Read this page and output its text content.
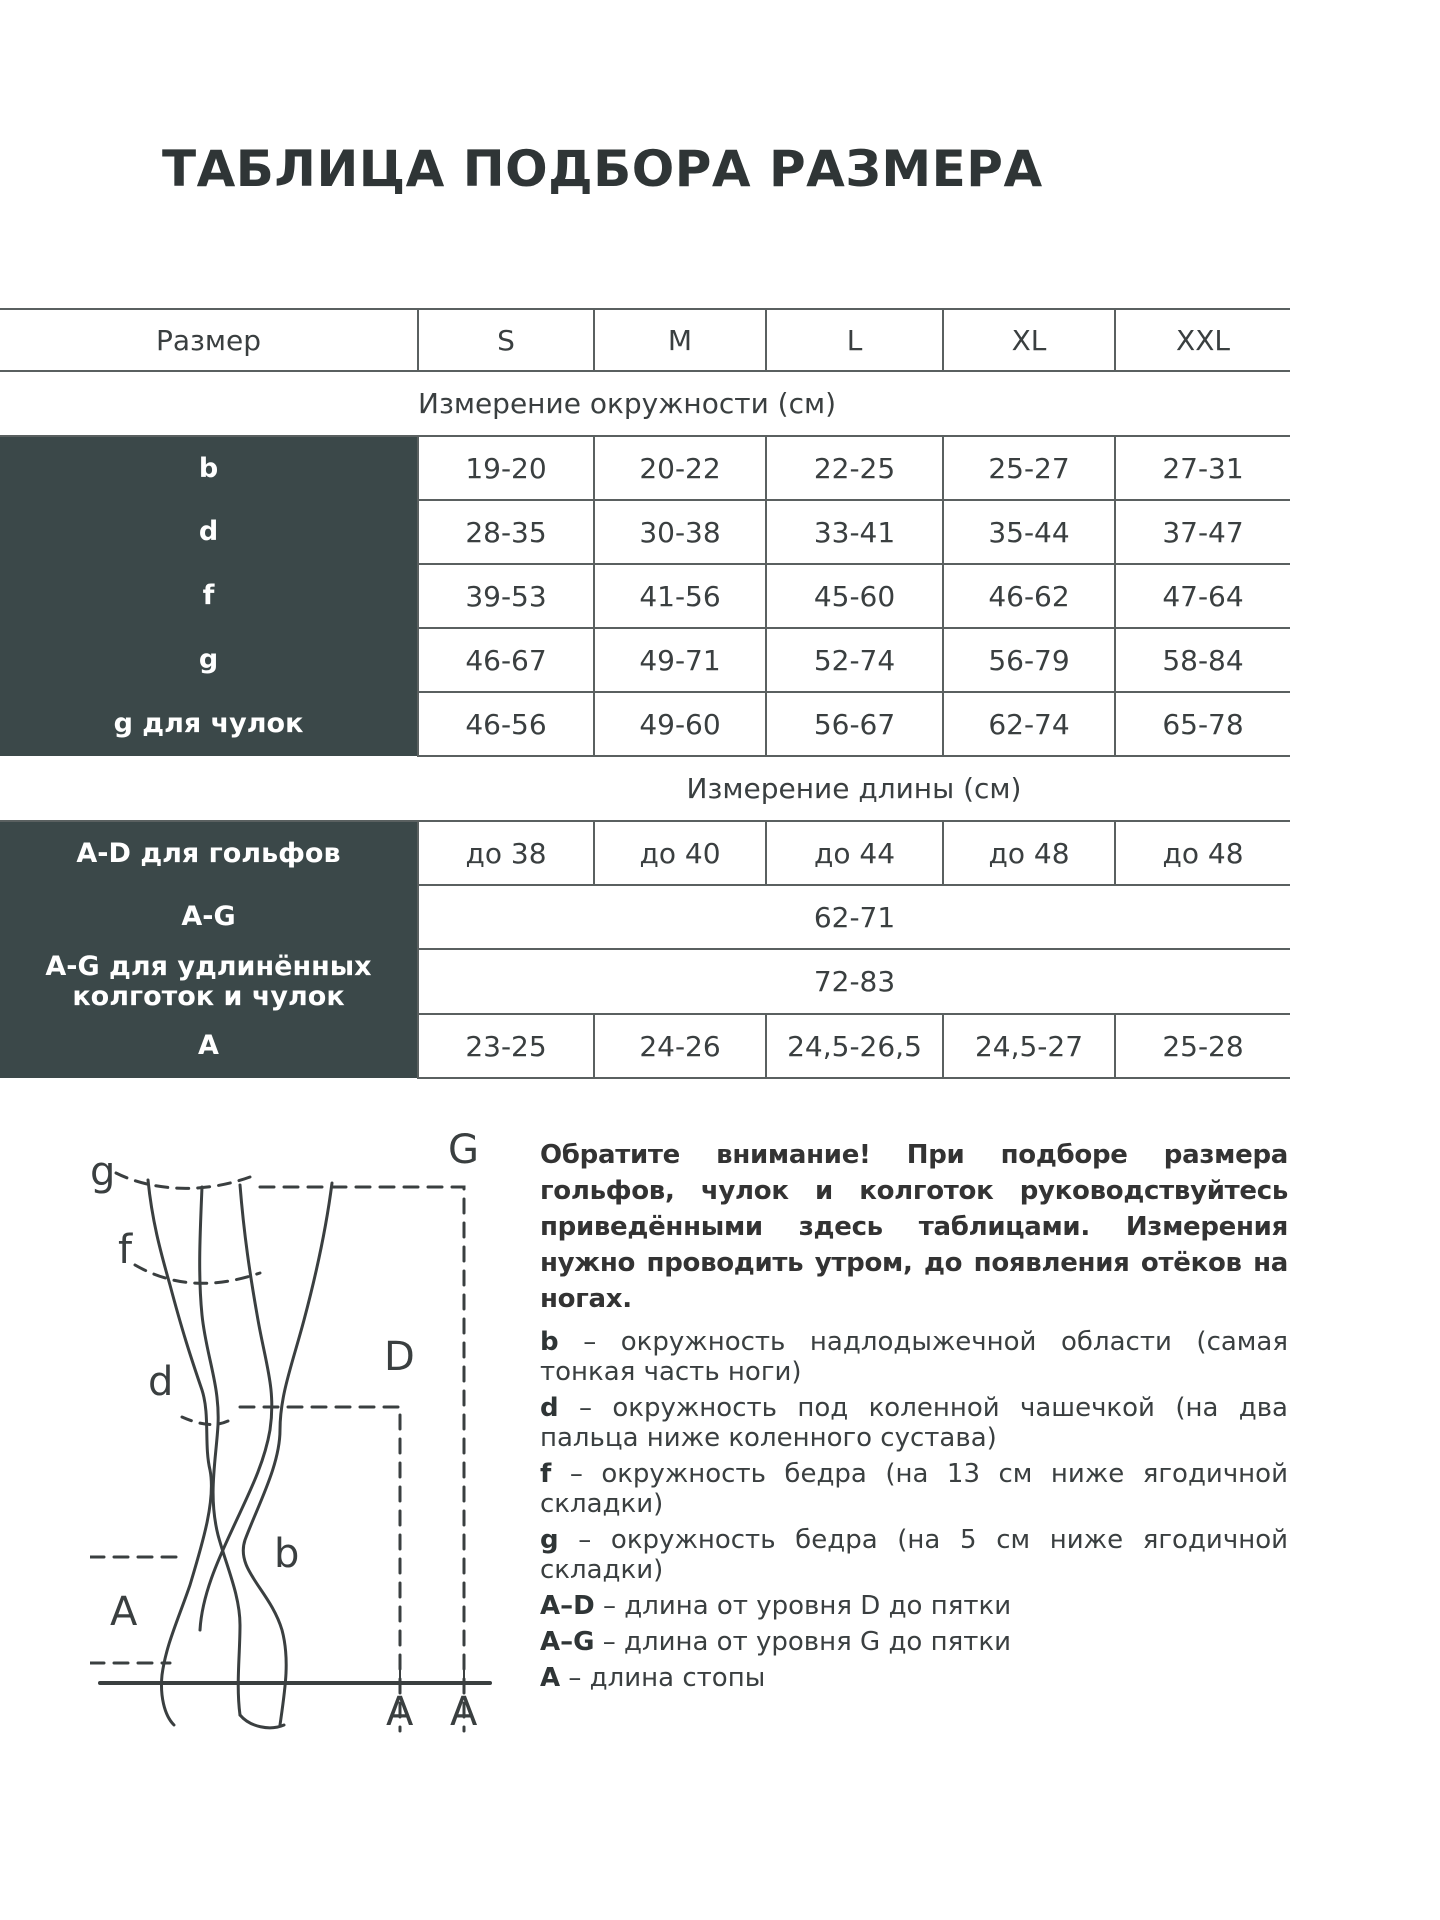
ТАБЛИЦА ПОДБОРА РАЗМЕРА
Размер	S	M	L	XL	XXL
Измерение окружности (см)					
b	19-20	20-22	22-25	25-27	27-31
d	28-35	30-38	33-41	35-44	37-47
f	39-53	41-56	45-60	46-62	47-64
g	46-67	49-71	52-74	56-79	58-84
g для чулок	46-56	49-60	56-67	62-74	65-78
Измерение длины (см)					
A-D для гольфов	до 38	до 40	до 44	до 48	до 48
A-G	62-71				
A-G для удлинённых
колготок и чулок	72-83				
A	23-25	24-26	24,5-26,5	24,5-27	25-28
g
f
d
b
A
G
D
A A

Обратите внимание! При подборе размера гольфов, чулок и колготок руководствуйтесь приведёнными здесь таблицами. Измерения нужно проводить утром, до появления отёков на ногах.

b – окружность надлодыжечной области (самая тонкая часть ноги)

d – окружность под коленной чашечкой (на два пальца ниже коленного сустава)

f – окружность бедра (на 13 см ниже ягодичной складки)

g – окружность бедра (на 5 см ниже ягодичной складки)

A–D – длина от уровня D до пятки

A–G – длина от уровня G до пятки

A – длина стопы
